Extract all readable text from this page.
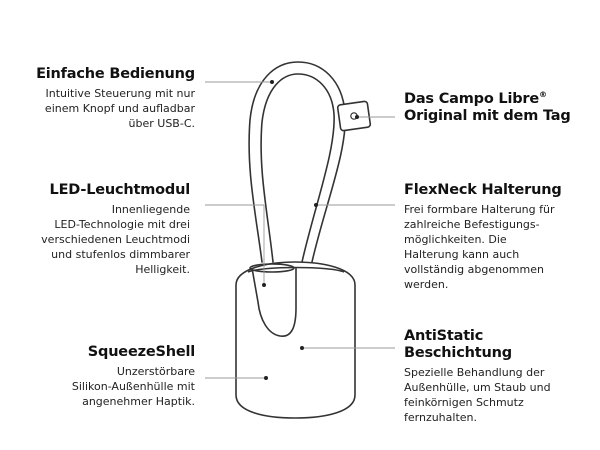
Einfache Bedienung

Intuitive Steuerung mit nur
einem Knopf und aufladbar
über USB-C.

LED-Leuchtmodul

Innenliegende
LED-Technologie mit drei
verschiedenen Leuchtmodi
und stufenlos dimmbarer
Helligkeit.

SqueezeShell

Unzerstörbare
Silikon-Außenhülle mit
angenehmer Haptik.

Das Campo Libre®
Original mit dem Tag
FlexNeck Halterung

Frei formbare Halterung für
zahlreiche Befestigungs-
möglichkeiten. Die
Halterung kann auch
vollständig abgenommen
werden.

AntiStatic
Beschichtung

Spezielle Behandlung der
Außenhülle, um Staub und
feinkörnigen Schmutz
fernzuhalten.
